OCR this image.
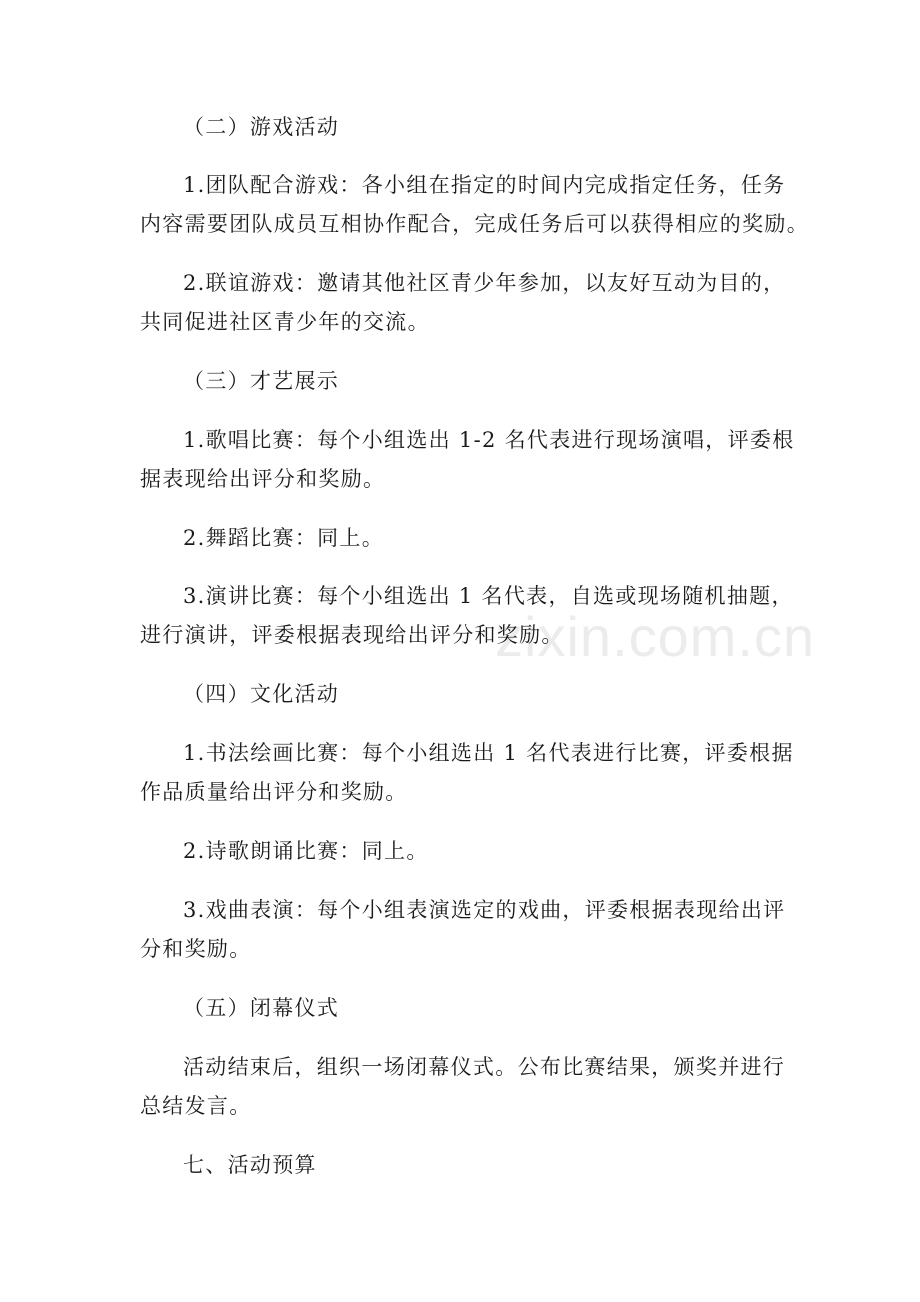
zixin.com.cn
（二）游戏活动
1.团队配合游戏：各小组在指定的时间内完成指定任务，任务
内容需要团队成员互相协作配合，完成任务后可以获得相应的奖励。
2.联谊游戏：邀请其他社区青少年参加，以友好互动为目的，
共同促进社区青少年的交流。
（三）才艺展示
1.歌唱比赛：每个小组选出 1-2 名代表进行现场演唱，评委根
据表现给出评分和奖励。
2.舞蹈比赛：同上。
3.演讲比赛：每个小组选出 1 名代表，自选或现场随机抽题，
进行演讲，评委根据表现给出评分和奖励。
（四）文化活动
1.书法绘画比赛：每个小组选出 1 名代表进行比赛，评委根据
作品质量给出评分和奖励。
2.诗歌朗诵比赛：同上。
3.戏曲表演：每个小组表演选定的戏曲，评委根据表现给出评
分和奖励。
（五）闭幕仪式
活动结束后，组织一场闭幕仪式。公布比赛结果，颁奖并进行
总结发言。
七、活动预算
